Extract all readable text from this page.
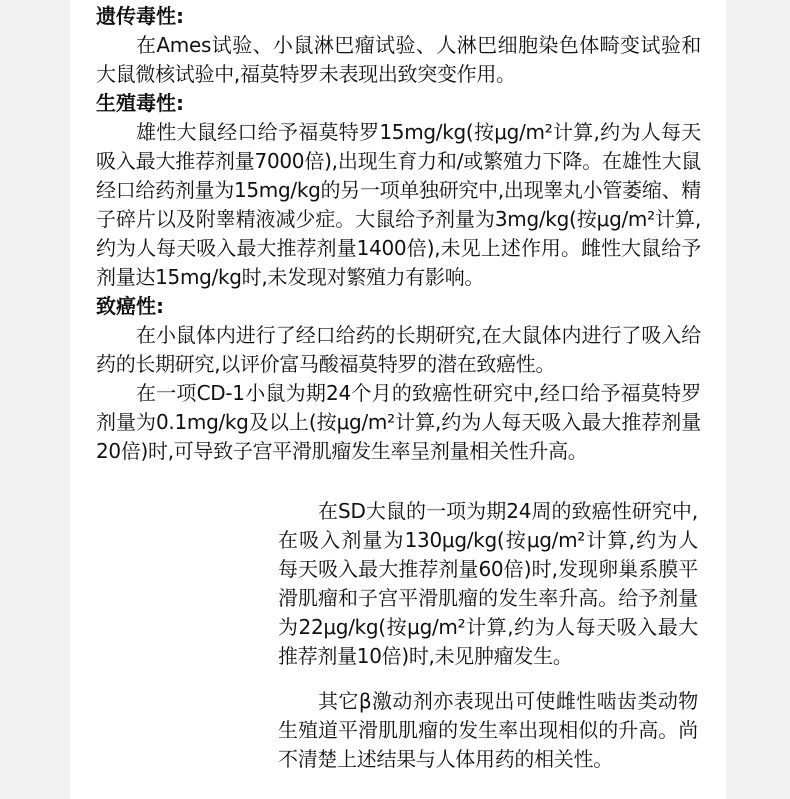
遗传毒性:

在Ames试验、小鼠淋巴瘤试验、人淋巴细胞染色体畸变试验和大鼠微核试验中,福莫特罗未表现出致突变作用。

生殖毒性:

雄性大鼠经口给予福莫特罗15mg/kg(按μg/m²计算,约为人每天吸入最大推荐剂量7000倍),出现生育力和/或繁殖力下降。在雄性大鼠经口给药剂量为15mg/kg的另一项单独研究中,出现睾丸小管萎缩、精子碎片以及附睾精液减少症。大鼠给予剂量为3mg/kg(按μg/m²计算,约为人每天吸入最大推荐剂量1400倍),未见上述作用。雌性大鼠给予剂量达15mg/kg时,未发现对繁殖力有影响。

致癌性:

在小鼠体内进行了经口给药的长期研究,在大鼠体内进行了吸入给药的长期研究,以评价富马酸福莫特罗的潜在致癌性。

在一项CD-1小鼠为期24个月的致癌性研究中,经口给予福莫特罗剂量为0.1mg/kg及以上(按μg/m²计算,约为人每天吸入最大推荐剂量20倍)时,可导致子宫平滑肌瘤发生率呈剂量相关性升高。

在SD大鼠的一项为期24周的致癌性研究中,在吸入剂量为130μg/kg(按μg/m²计算,约为人每天吸入最大推荐剂量60倍)时,发现卵巢系膜平滑肌瘤和子宫平滑肌瘤的发生率升高。给予剂量为22μg/kg(按μg/m²计算,约为人每天吸入最大推荐剂量10倍)时,未见肿瘤发生。

其它β激动剂亦表现出可使雌性啮齿类动物生殖道平滑肌肌瘤的发生率出现相似的升高。尚不清楚上述结果与人体用药的相关性。
